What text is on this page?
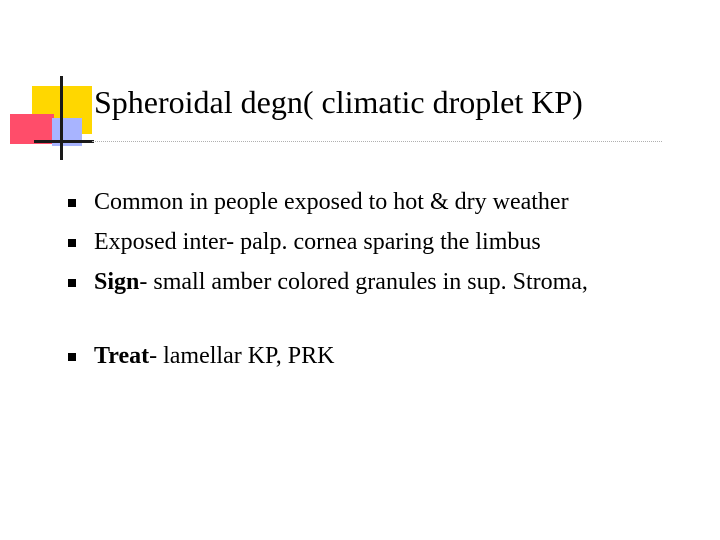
Spheroidal degn( climatic droplet KP)
Common in people exposed to hot & dry weather
Exposed inter- palp. cornea sparing the limbus
Sign- small amber colored granules in sup. Stroma,
Treat- lamellar KP, PRK
